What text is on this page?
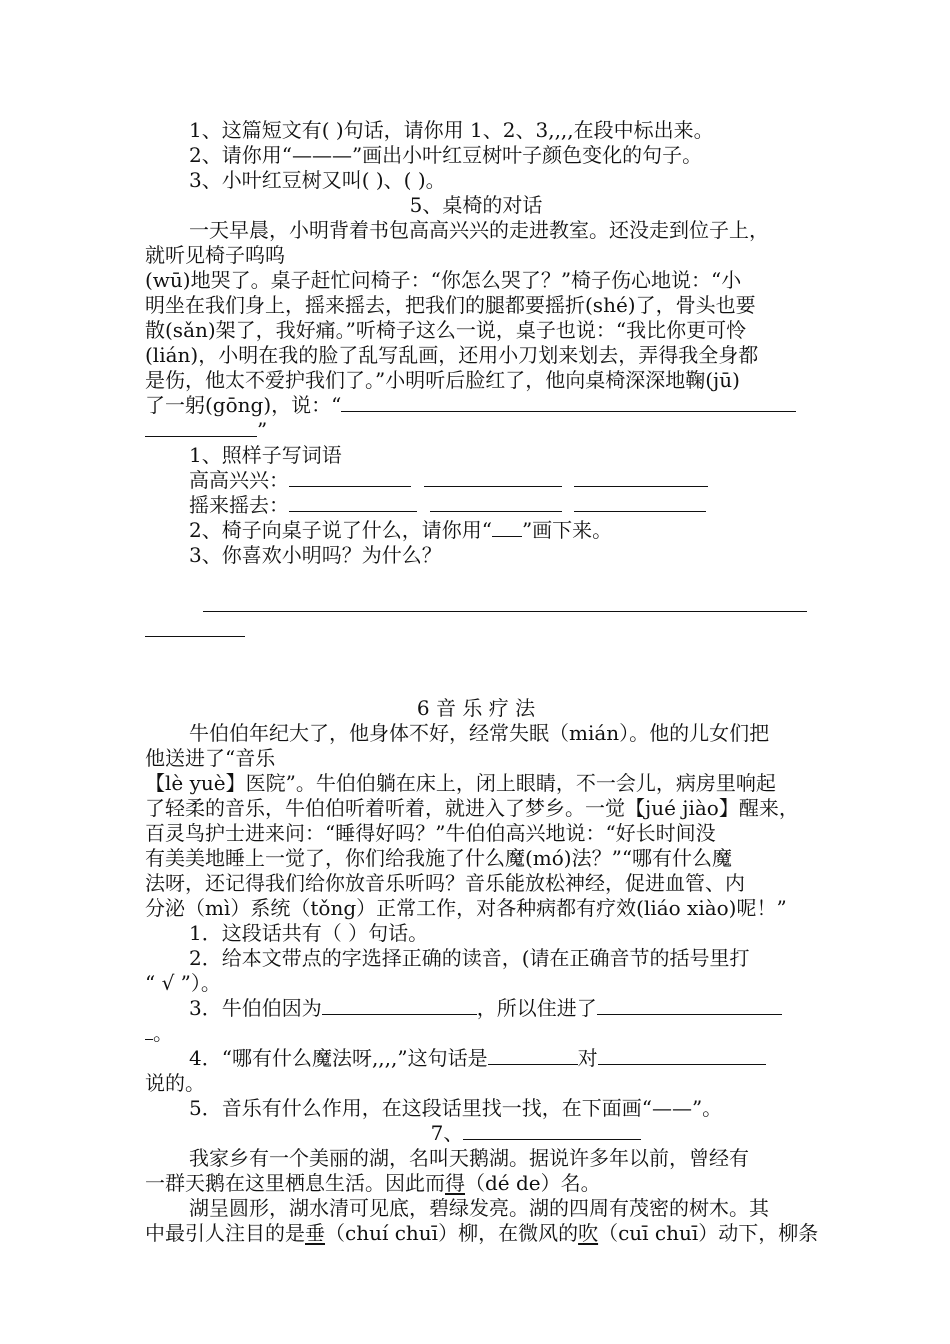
1、这篇短文有( )句话，请你用 1、2、3,,,,在段中标出来。
2、请你用“———”画出小叶红豆树叶子颜色变化的句子。
3、小叶红豆树又叫( )、( )。
5、桌椅的对话
一天早晨，小明背着书包高高兴兴的走进教室。还没走到位子上，
就听见椅子呜呜
(wū)地哭了。桌子赶忙问椅子：“你怎么哭了？”椅子伤心地说：“小
明坐在我们身上，摇来摇去，把我们的腿都要摇折(shé)了，骨头也要
散(sǎn)架了，我好痛。”听椅子这么一说，桌子也说：“我比你更可怜
(lián)，小明在我的脸了乱写乱画，还用小刀划来划去，弄得我全身都
是伤，他太不爱护我们了。”小明听后脸红了，他向桌椅深深地鞠(jū)
了一躬(gōng)，说：“
”
1、照样子写词语
高高兴兴：
摇来摇去：
2、椅子向桌子说了什么，请你用“ ”画下来。
3、你喜欢小明吗？为什么？
6 音 乐 疗 法
牛伯伯年纪大了，他身体不好，经常失眠（mián）。他的儿女们把
他送进了“音乐
【lè yuè】医院”。牛伯伯躺在床上，闭上眼睛，不一会儿，病房里响起
了轻柔的音乐，牛伯伯听着听着，就进入了梦乡。一觉【jué jiào】醒来，
百灵鸟护士进来问：“睡得好吗？”牛伯伯高兴地说：“好长时间没
有美美地睡上一觉了，你们给我施了什么魔(mó)法？”“哪有什么魔
法呀，还记得我们给你放音乐听吗？音乐能放松神经，促进血管、内
分泌（mì）系统（tǒng）正常工作，对各种病都有疗效(liáo xiào)呢！”
1．这段话共有（ ）句话。
2．给本文带点的字选择正确的读音，(请在正确音节的括号里打
“ √ ”）。
3．牛伯伯因为	，所以住进了
。
4．“哪有什么魔法呀,,,,”这句话是	对
说的。
5．音乐有什么作用，在这段话里找一找，在下面画“——”。
7、
我家乡有一个美丽的湖，名叫天鹅湖。据说许多年以前，曾经有
一群天鹅在这里栖息生活。因此而得（dé de）名。
湖呈圆形，湖水清可见底，碧绿发亮。湖的四周有茂密的树木。其
中最引人注目的是垂（chuí chuī）柳，在微风的吹（cuī chuī）动下，柳条
